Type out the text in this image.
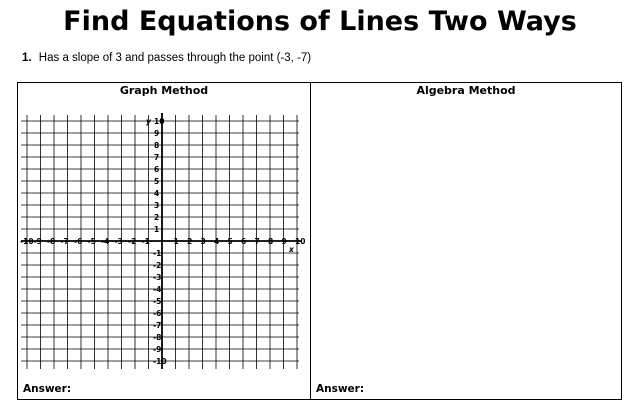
Find Equations of Lines Two Ways
1. Has a slope of 3 and passes through the point (-3, -7)
Graph Method
Answer:
Algebra Method
Answer:
-10 -9 -8 -7 -6 -5 -4 -3 -2 -1	1 2 3 4 5 6 7 8 9 10
10
9
8
7
6
5
4
3
2
1
-1
-2
-3
-4
-5
-6
-7
-8
-9
-10
x
y
